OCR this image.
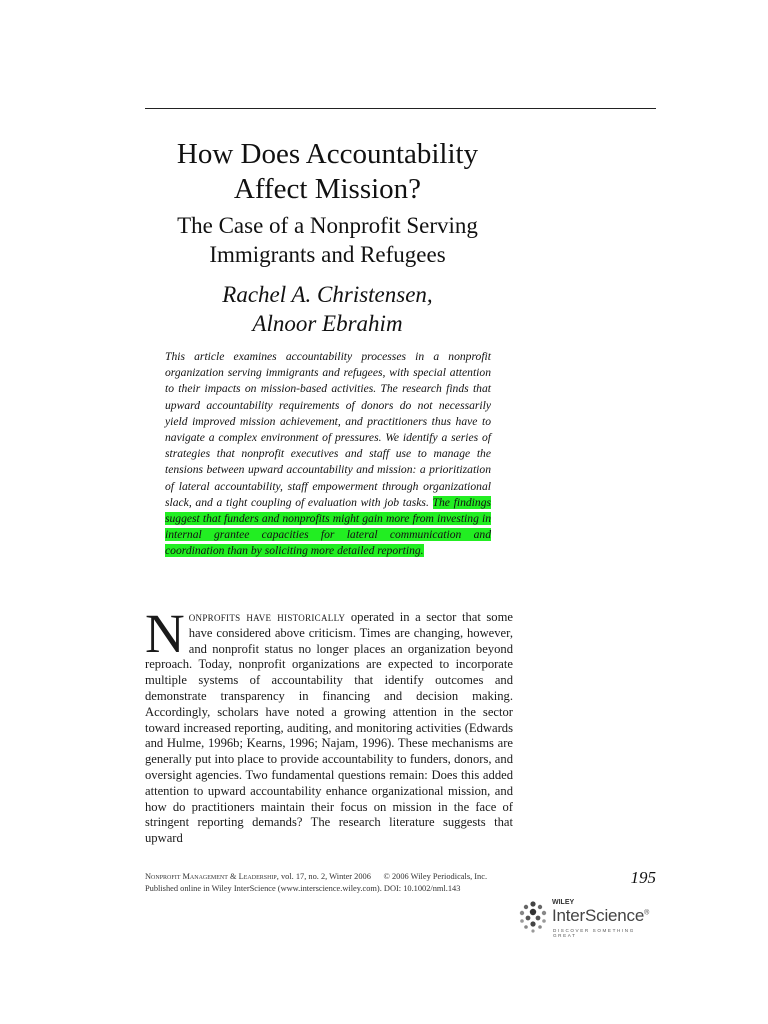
How Does Accountability
Affect Mission?
The Case of a Nonprofit Serving
Immigrants and Refugees
Rachel A. Christensen,
Alnoor Ebrahim
This article examines accountability processes in a nonprofit organization serving immigrants and refugees, with special attention to their impacts on mission-based activities. The research finds that upward accountability requirements of donors do not necessarily yield improved mission achievement, and practitioners thus have to navigate a complex environment of pressures. We identify a series of strategies that nonprofit executives and staff use to manage the tensions between upward accountability and mission: a prioritization of lateral accountability, staff empowerment through organizational slack, and a tight coupling of evaluation with job tasks. The findings suggest that funders and nonprofits might gain more from investing in internal grantee capacities for lateral communication and coordination than by soliciting more detailed reporting.
Nonprofits have historically operated in a sector that some have considered above criticism. Times are changing, however, and nonprofit status no longer places an organization beyond reproach. Today, nonprofit organizations are expected to incorporate multiple systems of accountability that identify outcomes and demonstrate transparency in financing and decision making. Accordingly, scholars have noted a growing attention in the sector toward increased reporting, auditing, and monitoring activities (Edwards and Hulme, 1996b; Kearns, 1996; Najam, 1996). These mechanisms are generally put into place to provide accountability to funders, donors, and oversight agencies. Two fundamental questions remain: Does this added attention to upward accountability enhance organizational mission, and how do practitioners maintain their focus on mission in the face of stringent reporting demands? The research literature suggests that upward
Nonprofit Management & Leadership, vol. 17, no. 2, Winter 2006 © 2006 Wiley Periodicals, Inc.
Published online in Wiley InterScience (www.interscience.wiley.com). DOI: 10.1002/nml.143
195
WILEY
InterScience®
DISCOVER SOMETHING GREAT
